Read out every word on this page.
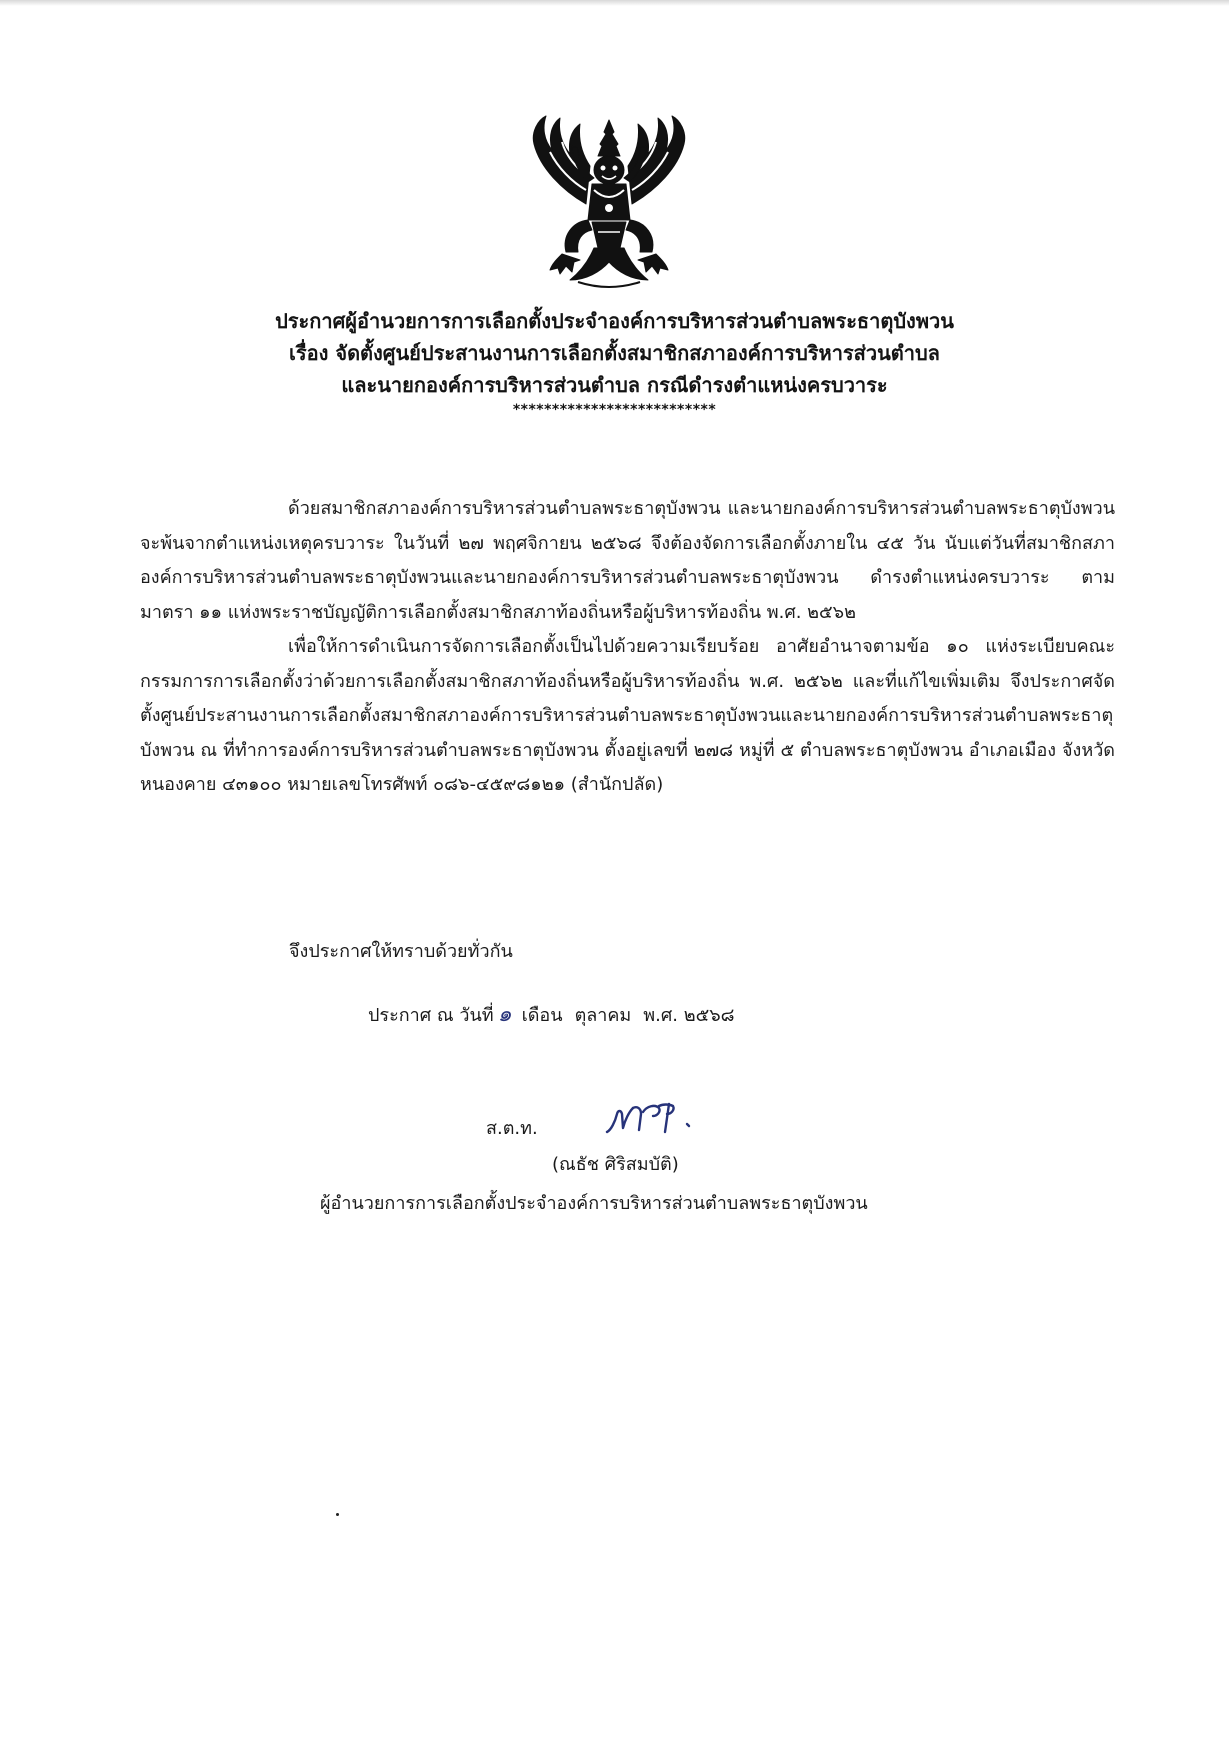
ประกาศผู้อำนวยการการเลือกตั้งประจำองค์การบริหารส่วนตำบลพระธาตุบังพวน
เรื่อง จัดตั้งศูนย์ประสานงานการเลือกตั้งสมาชิกสภาองค์การบริหารส่วนตำบล
และนายกองค์การบริหารส่วนตำบล กรณีดำรงตำแหน่งครบวาระ
**************************

ด้วยสมาชิกสภาองค์การบริหารส่วนตำบลพระธาตุบังพวน และนายกองค์การบริหารส่วนตำบลพระธาตุบังพวน จะพ้นจากตำแหน่งเหตุครบวาระ ในวันที่ ๒๗ พฤศจิกายน ๒๕๖๘ จึงต้องจัดการเลือกตั้งภายใน ๔๕ วัน นับแต่วันที่สมาชิกสภาองค์การบริหารส่วนตำบลพระธาตุบังพวนและนายกองค์การบริหารส่วนตำบลพระธาตุบังพวน ดำรงตำแหน่งครบวาระ ตามมาตรา ๑๑ แห่งพระราชบัญญัติการเลือกตั้งสมาชิกสภาท้องถิ่นหรือผู้บริหารท้องถิ่น พ.ศ. ๒๕๖๒

เพื่อให้การดำเนินการจัดการเลือกตั้งเป็นไปด้วยความเรียบร้อย อาศัยอำนาจตามข้อ ๑๐ แห่งระเบียบคณะกรรมการการเลือกตั้งว่าด้วยการเลือกตั้งสมาชิกสภาท้องถิ่นหรือผู้บริหารท้องถิ่น พ.ศ. ๒๕๖๒ และที่แก้ไขเพิ่มเติม จึงประกาศจัดตั้งศูนย์ประสานงานการเลือกตั้งสมาชิกสภาองค์การบริหารส่วนตำบลพระธาตุบังพวนและนายกองค์การบริหารส่วนตำบลพระธาตุบังพวน ณ ที่ทำการองค์การบริหารส่วนตำบลพระธาตุบังพวน ตั้งอยู่เลขที่ ๒๗๘ หมู่ที่ ๕ ตำบลพระธาตุบังพวน อำเภอเมือง จังหวัดหนองคาย ๔๓๑๐๐ หมายเลขโทรศัพท์ ๐๘๖-๔๕๙๘๑๒๑ (สำนักปลัด)

จึงประกาศให้ทราบด้วยทั่วกัน
ประกาศ ณ วันที่ ๑ เดือน ตุลาคม พ.ศ. ๒๕๖๘
ส.ต.ท.
(ณธัช ศิริสมบัติ)
ผู้อำนวยการการเลือกตั้งประจำองค์การบริหารส่วนตำบลพระธาตุบังพวน
